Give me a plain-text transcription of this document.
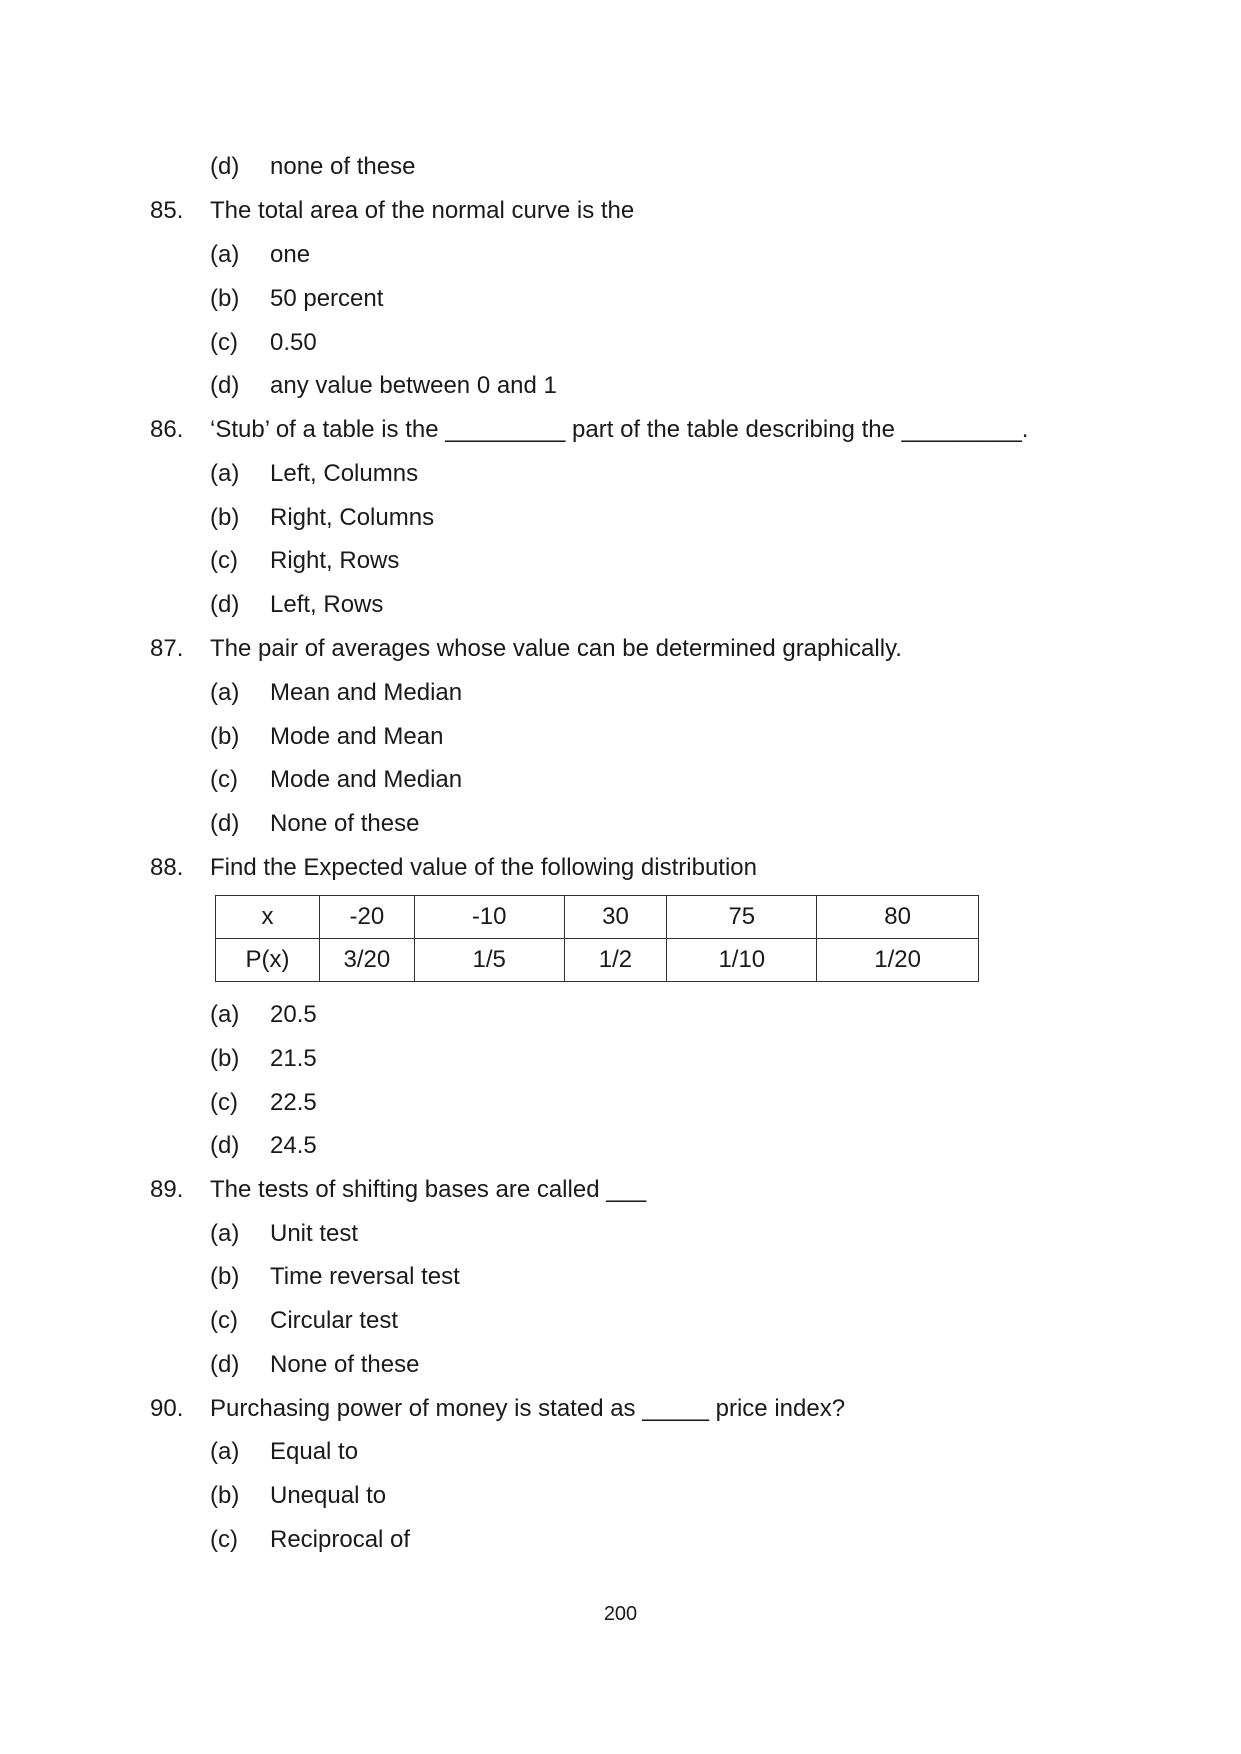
(d) none of these
85. The total area of the normal curve is the
(a) one
(b) 50 percent
(c) 0.50
(d) any value between 0 and 1
86. ‘Stub’ of a table is the _________ part of the table describing the _________.
(a) Left, Columns
(b) Right, Columns
(c) Right, Rows
(d) Left, Rows
87. The pair of averages whose value can be determined graphically.
(a) Mean and Median
(b) Mode and Mean
(c) Mode and Median
(d) None of these
88. Find the Expected value of the following distribution
x	-20	-10	30	75	80
P(x)	3/20	1/5	1/2	1/10	1/20
(a) 20.5
(b) 21.5
(c) 22.5
(d) 24.5
89. The tests of shifting bases are called ___
(a) Unit test
(b) Time reversal test
(c) Circular test
(d) None of these
90. Purchasing power of money is stated as _____ price index?
(a) Equal to
(b) Unequal to
(c) Reciprocal of
200
